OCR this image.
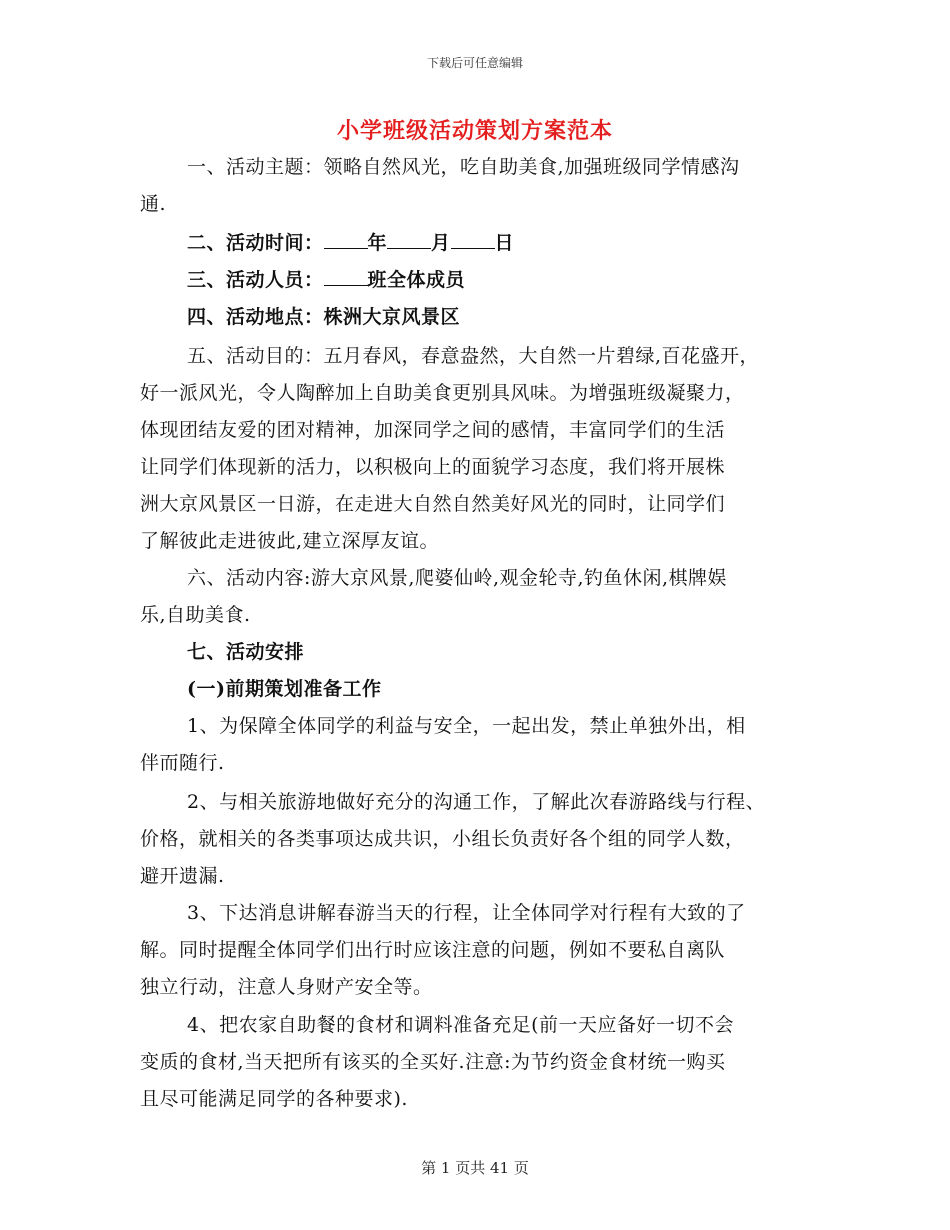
下载后可任意编辑
小学班级活动策划方案范本
一、活动主题：领略自然风光，吃自助美食,加强班级同学情感沟
通.
二、活动时间： 年 月 日
三、活动人员： 班全体成员
四、活动地点：株洲大京风景区
五、活动目的：五月春风，春意盎然，大自然一片碧绿,百花盛开，
好一派风光，令人陶醉加上自助美食更别具风味。为增强班级凝聚力，
体现团结友爱的团对精神，加深同学之间的感情，丰富同学们的生活
让同学们体现新的活力，以积极向上的面貌学习态度，我们将开展株
洲大京风景区一日游，在走进大自然自然美好风光的同时，让同学们
了解彼此走进彼此,建立深厚友谊。
六、活动内容:游大京风景,爬婆仙岭,观金轮寺,钓鱼休闲,棋牌娱
乐,自助美食.
七、活动安排
(一)前期策划准备工作
1、为保障全体同学的利益与安全，一起出发，禁止单独外出，相
伴而随行.
2、与相关旅游地做好充分的沟通工作，了解此次春游路线与行程、
价格，就相关的各类事项达成共识，小组长负责好各个组的同学人数，
避开遗漏.
3、下达消息讲解春游当天的行程，让全体同学对行程有大致的了
解。同时提醒全体同学们出行时应该注意的问题，例如不要私自离队
独立行动，注意人身财产安全等。
4、把农家自助餐的食材和调料准备充足(前一天应备好一切不会
变质的食材,当天把所有该买的全买好.注意:为节约资金食材统一购买
且尽可能满足同学的各种要求).
第 1 页共 41 页
